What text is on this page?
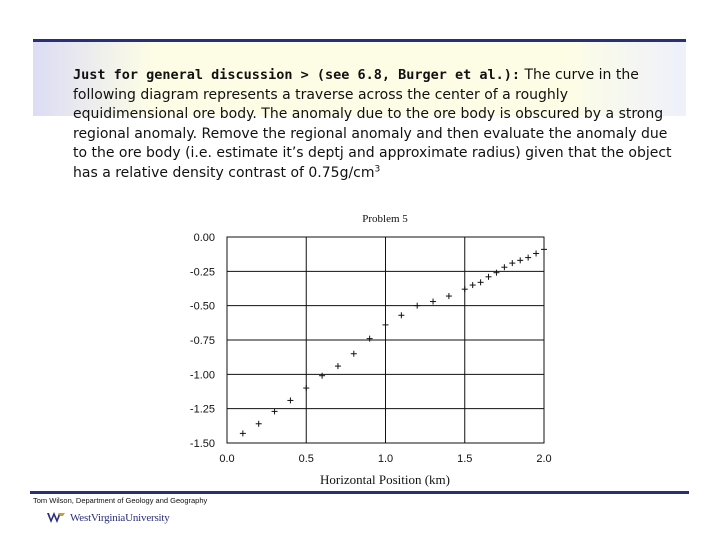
Just for general discussion > (see 6.8, Burger et al.): The curve in the following diagram represents a traverse across the center of a roughly equidimensional ore body. The anomaly due to the ore body is obscured by a strong regional anomaly. Remove the regional anomaly and then evaluate the anomaly due to the ore body (i.e. estimate it’s deptj and approximate radius) given that the object has a relative density contrast of $0.75g/cm^3$
Problem 5
0.0	0.5	1.0	1.5	2.0
0.00
-0.25
-0.50
-0.75
-1.00
-1.25
-1.50
Horizontal Position (km)
Tom Wilson, Department of Geology and Geography
WestVirginiaUniversity
